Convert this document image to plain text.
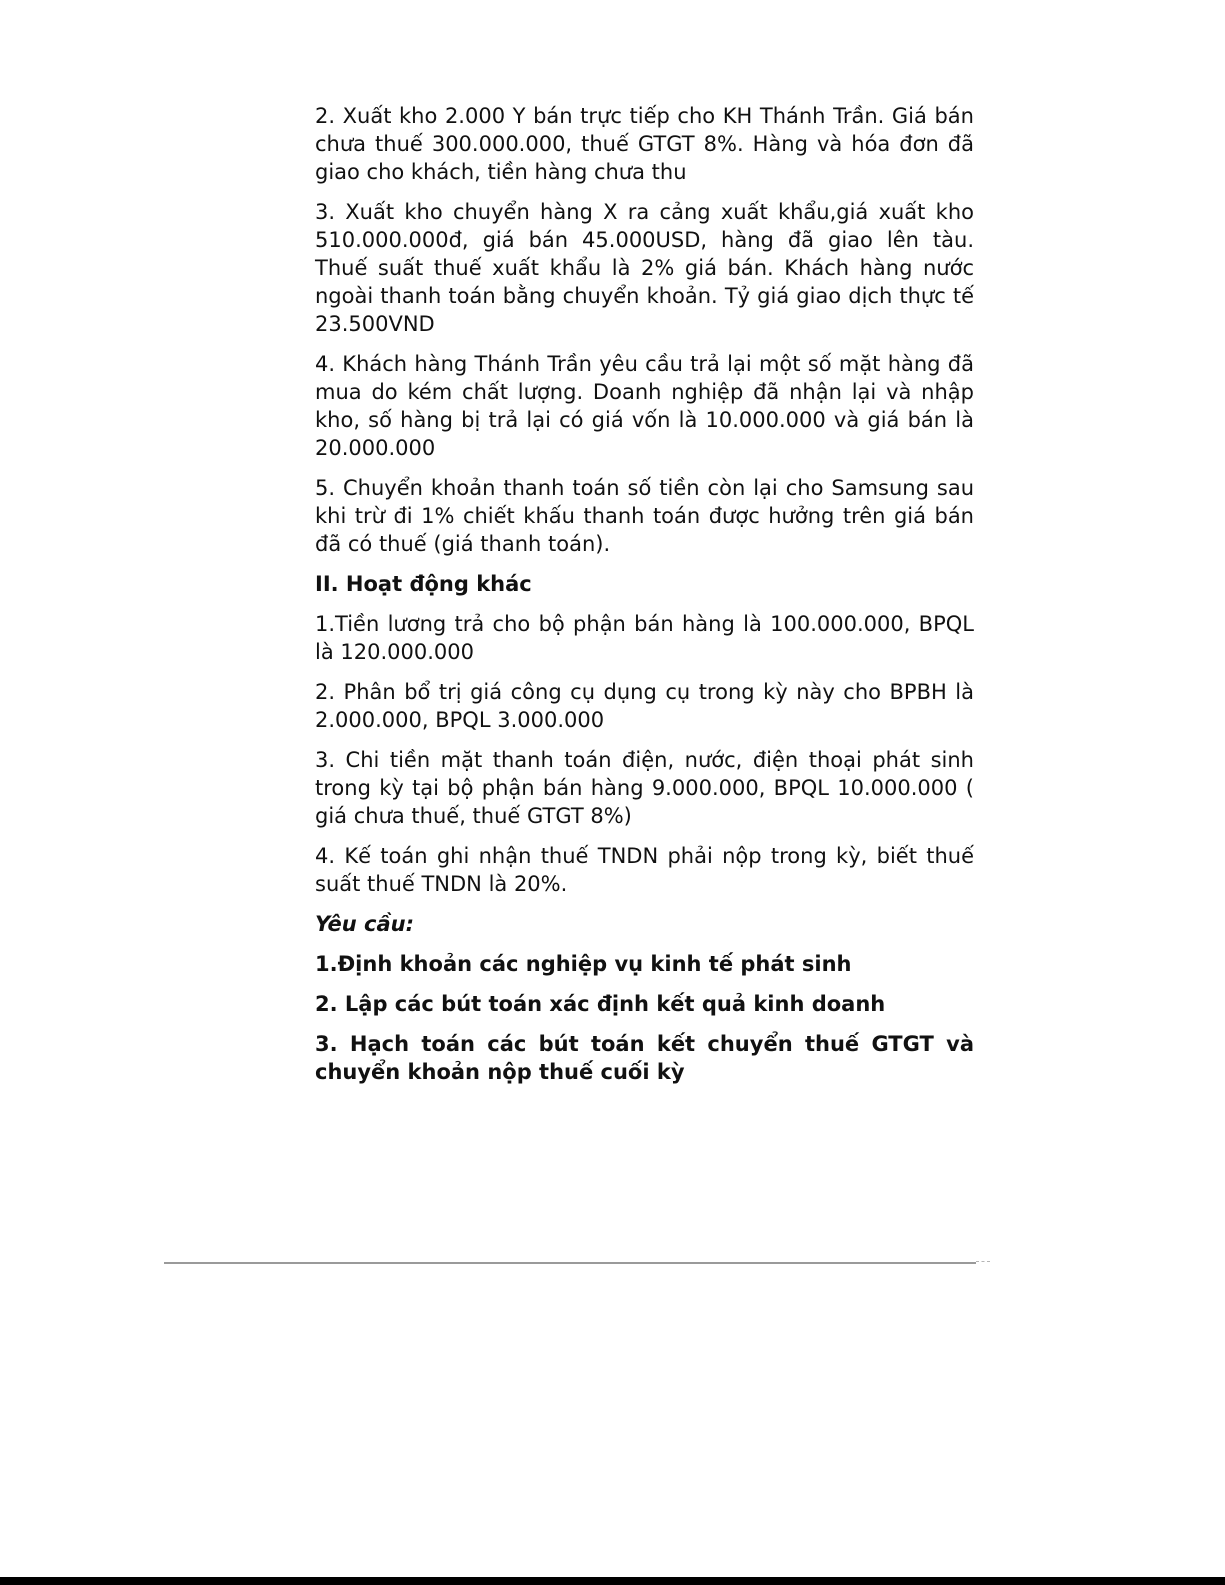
2. Xuất kho 2.000 Y bán trực tiếp cho KH Thánh Trần. Giá bán chưa thuế 300.000.000, thuế GTGT 8%. Hàng và hóa đơn đã giao cho khách, tiền hàng chưa thu

3. Xuất kho chuyển hàng X ra cảng xuất khẩu,giá xuất kho 510.000.000đ, giá bán 45.000USD, hàng đã giao lên tàu. Thuế suất thuế xuất khẩu là 2% giá bán. Khách hàng nước ngoài thanh toán bằng chuyển khoản. Tỷ giá giao dịch thực tế 23.500VND

4. Khách hàng Thánh Trần yêu cầu trả lại một số mặt hàng đã mua do kém chất lượng. Doanh nghiệp đã nhận lại và nhập kho, số hàng bị trả lại có giá vốn là 10.000.000 và giá bán là 20.000.000

5. Chuyển khoản thanh toán số tiền còn lại cho Samsung sau khi trừ đi 1% chiết khấu thanh toán được hưởng trên giá bán đã có thuế (giá thanh toán).

II. Hoạt động khác

1.Tiền lương trả cho bộ phận bán hàng là 100.000.000, BPQL là 120.000.000

2. Phân bổ trị giá công cụ dụng cụ trong kỳ này cho BPBH là 2.000.000, BPQL 3.000.000

3. Chi tiền mặt thanh toán điện, nước, điện thoại phát sinh trong kỳ tại bộ phận bán hàng 9.000.000, BPQL 10.000.000 ( giá chưa thuế, thuế GTGT 8%)

4. Kế toán ghi nhận thuế TNDN phải nộp trong kỳ, biết thuế suất thuế TNDN là 20%.

Yêu cầu:

1.Định khoản các nghiệp vụ kinh tế phát sinh

2. Lập các bút toán xác định kết quả kinh doanh

3. Hạch toán các bút toán kết chuyển thuế GTGT và chuyển khoản nộp thuế cuối kỳ
